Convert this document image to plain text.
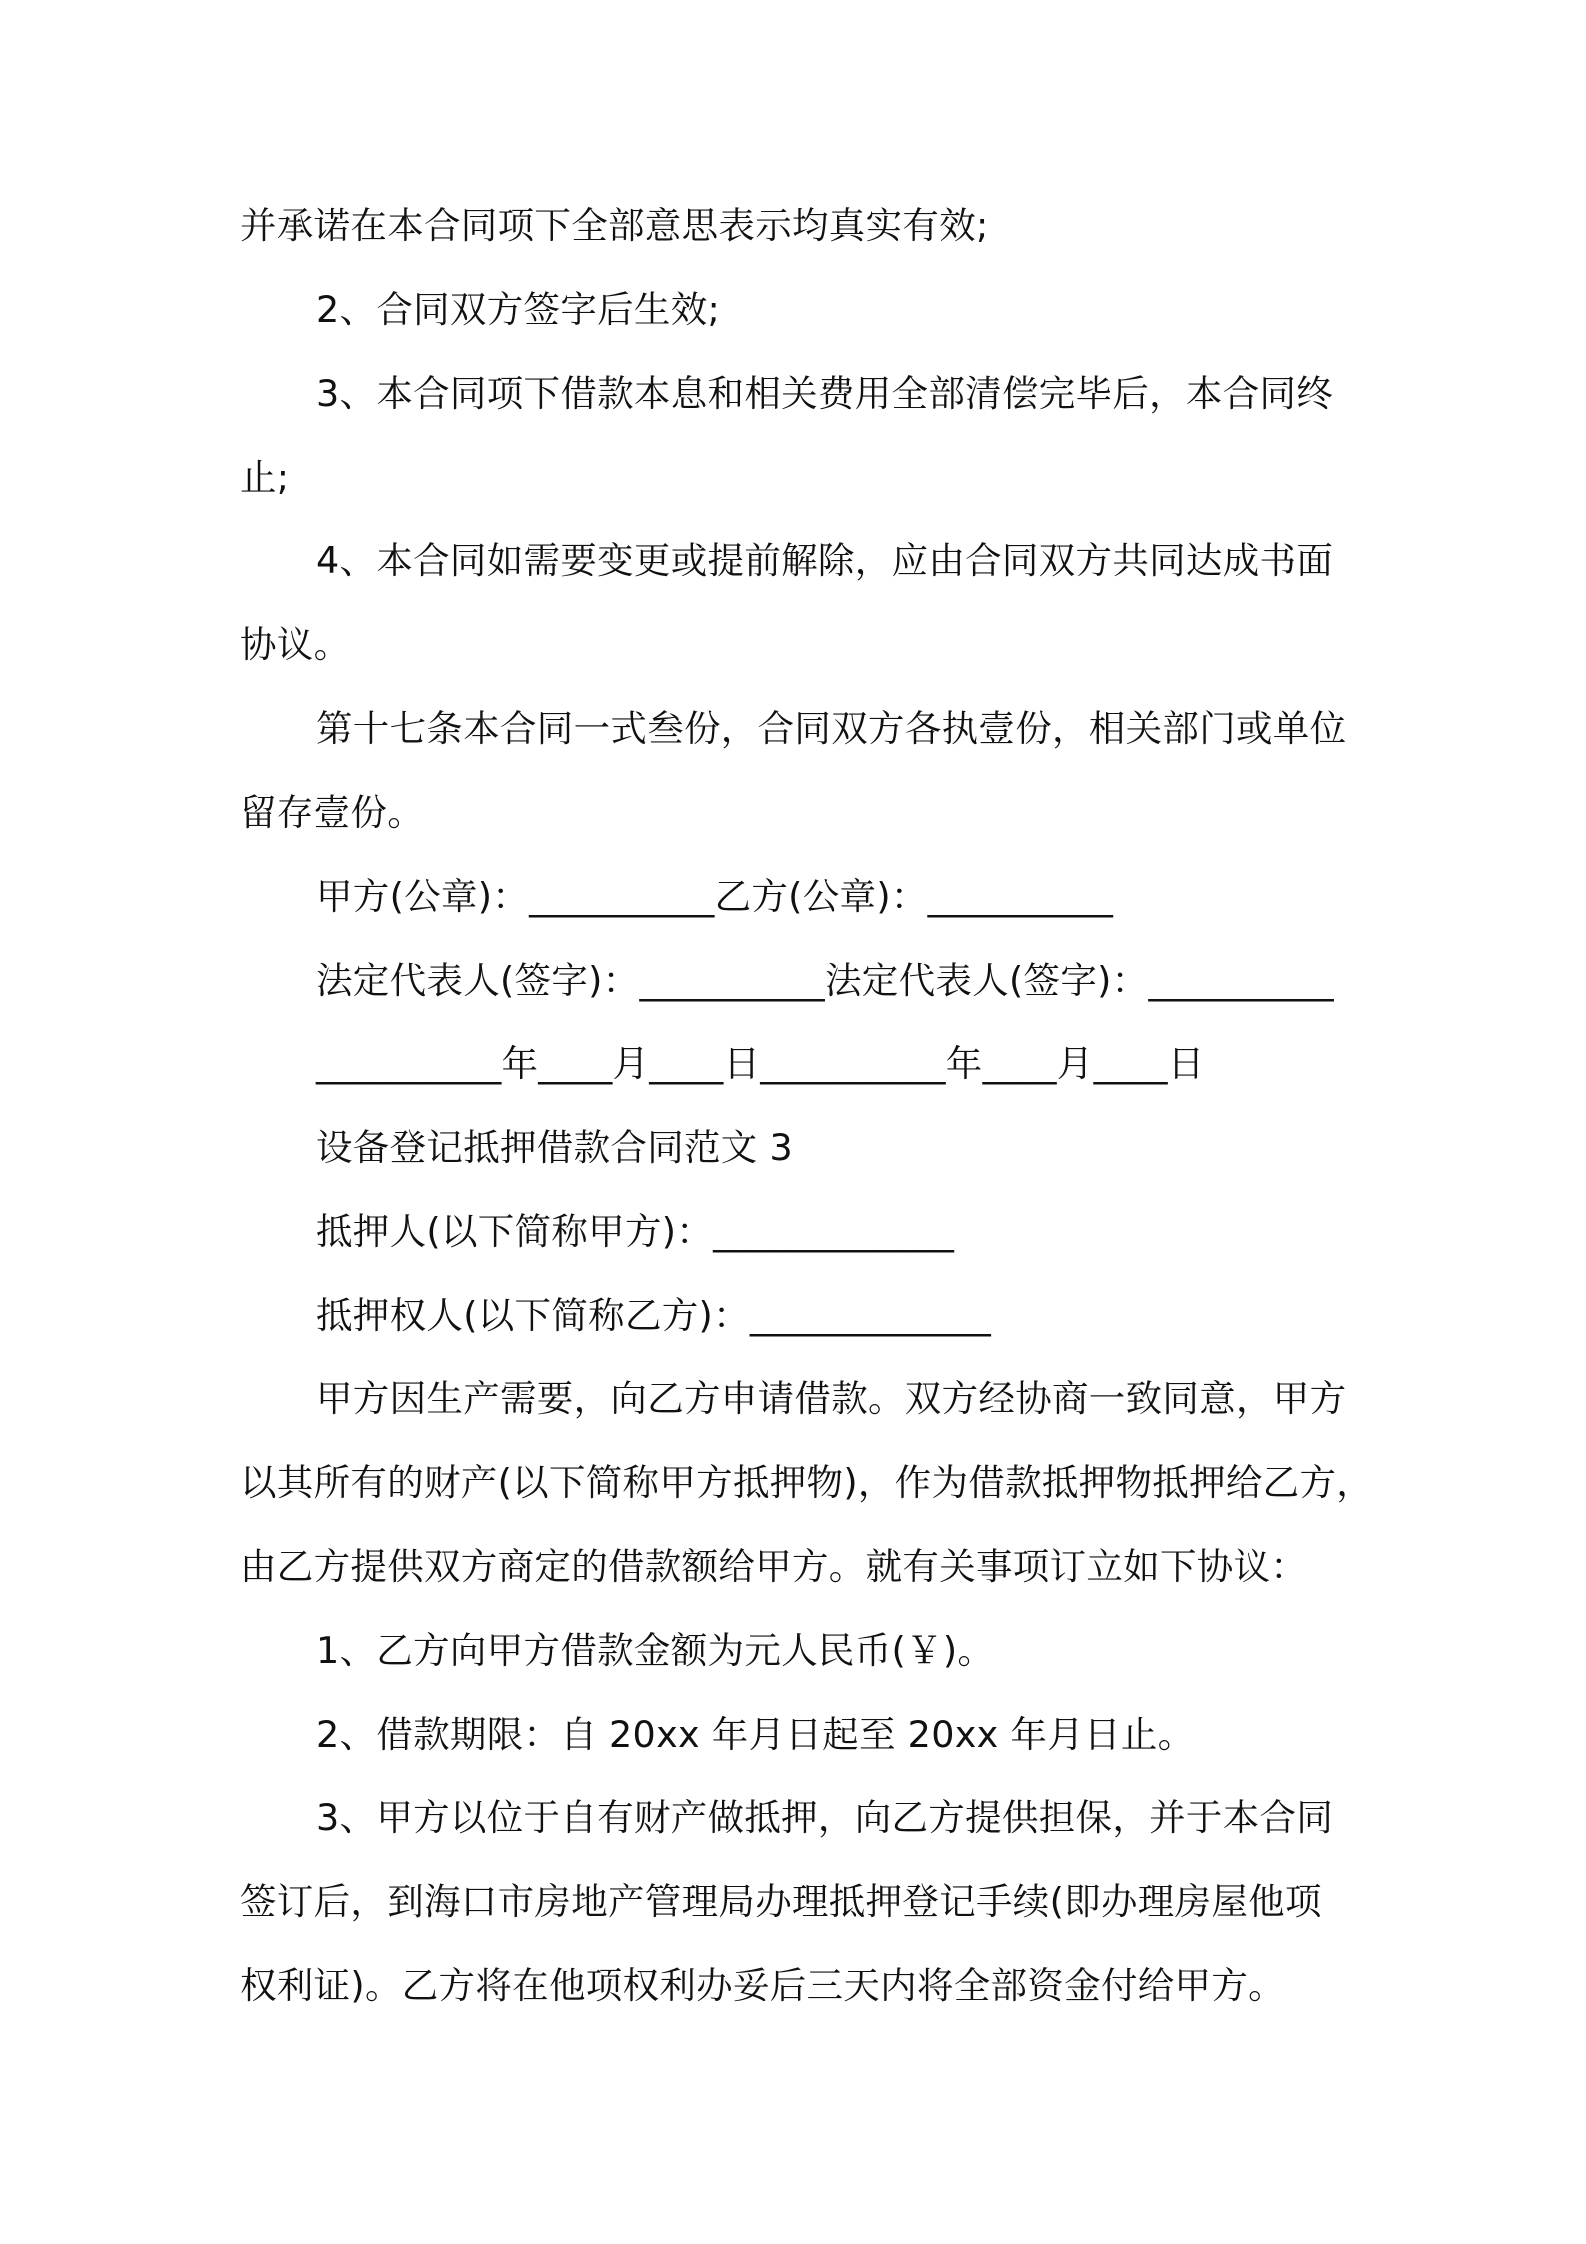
并承诺在本合同项下全部意思表示均真实有效;
2、合同双方签字后生效;
3、本合同项下借款本息和相关费用全部清偿完毕后，本合同终
止;
4、本合同如需要变更或提前解除，应由合同双方共同达成书面
协议。
第十七条本合同一式叁份，合同双方各执壹份，相关部门或单位
留存壹份。
甲方(公章)：__________乙方(公章)：__________
法定代表人(签字)：__________法定代表人(签字)：__________
__________年____月____日__________年____月____日
设备登记抵押借款合同范文 3
抵押人(以下简称甲方)：_____________
抵押权人(以下简称乙方)：_____________
甲方因生产需要，向乙方申请借款。双方经协商一致同意，甲方
以其所有的财产(以下简称甲方抵押物)，作为借款抵押物抵押给乙方，
由乙方提供双方商定的借款额给甲方。就有关事项订立如下协议：
1、乙方向甲方借款金额为元人民币(￥)。
2、借款期限：自 20xx 年月日起至 20xx 年月日止。
3、甲方以位于自有财产做抵押，向乙方提供担保，并于本合同
签订后，到海口市房地产管理局办理抵押登记手续(即办理房屋他项
权利证)。乙方将在他项权利办妥后三天内将全部资金付给甲方。
